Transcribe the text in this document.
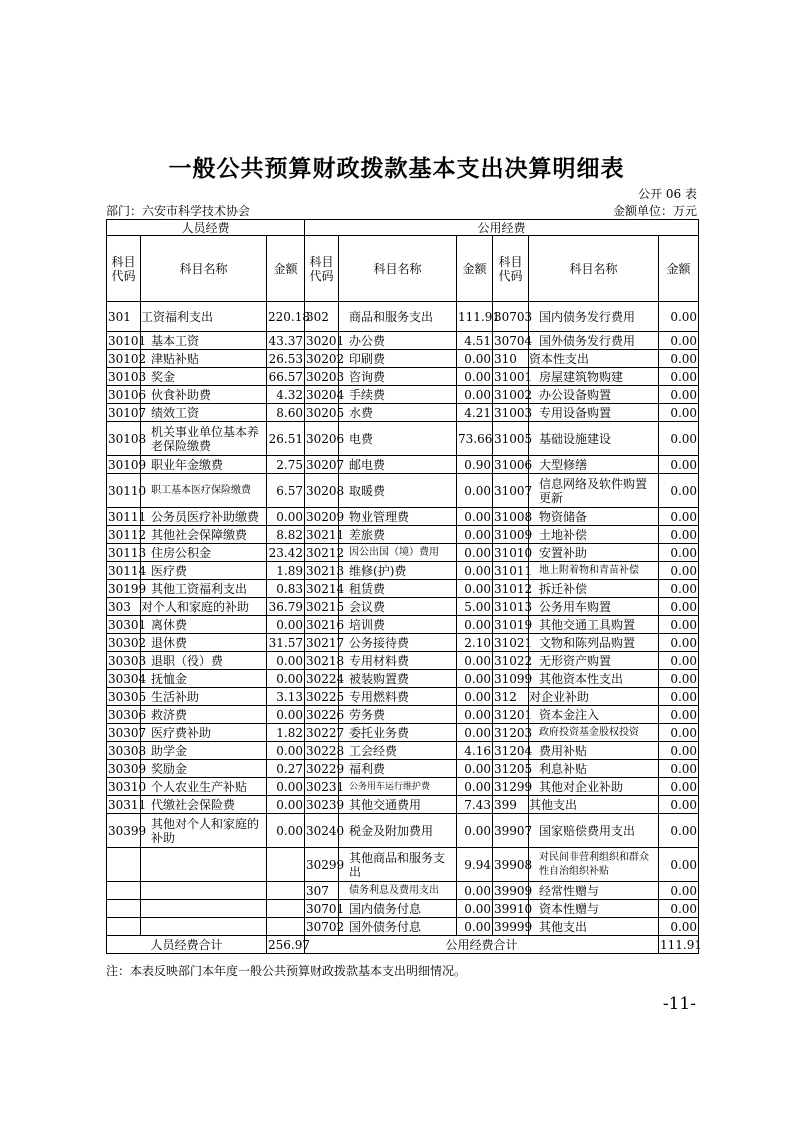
一般公共预算财政拨款基本支出决算明细表
公开 06 表
部门：六安市科学技术协会	金额单位：万元
人员经费			公用经费					
科目代码	科目名称	金额	科目代码	科目名称	金额	科目代码	科目名称	金额
301	工资福利支出	220.18	302	商品和服务支出	111.91	30703	国内债务发行费用	0.00
30101	基本工资	43.37	30201	办公费	4.51	30704	国外债务发行费用	0.00
30102	津贴补贴	26.53	30202	印刷费	0.00	310	资本性支出	0.00
30103	奖金	66.57	30203	咨询费	0.00	31001	房屋建筑物购建	0.00
30106	伙食补助费	4.32	30204	手续费	0.00	31002	办公设备购置	0.00
30107	绩效工资	8.60	30205	水费	4.21	31003	专用设备购置	0.00
30108	机关事业单位基本养老保险缴费	26.51	30206	电费	73.66	31005	基础设施建设	0.00
30109	职业年金缴费	2.75	30207	邮电费	0.90	31006	大型修缮	0.00
30110	职工基本医疗保险缴费	6.57	30208	取暖费	0.00	31007	信息网络及软件购置更新	0.00
30111	公务员医疗补助缴费	0.00	30209	物业管理费	0.00	31008	物资储备	0.00
30112	其他社会保障缴费	8.82	30211	差旅费	0.00	31009	土地补偿	0.00
30113	住房公积金	23.42	30212	因公出国（境）费用	0.00	31010	安置补助	0.00
30114	医疗费	1.89	30213	维修(护)费	0.00	31011	地上附着物和青苗补偿	0.00
30199	其他工资福利支出	0.83	30214	租赁费	0.00	31012	拆迁补偿	0.00
303	对个人和家庭的补助	36.79	30215	会议费	5.00	31013	公务用车购置	0.00
30301	离休费	0.00	30216	培训费	0.00	31019	其他交通工具购置	0.00
30302	退休费	31.57	30217	公务接待费	2.10	31021	文物和陈列品购置	0.00
30303	退职（役）费	0.00	30218	专用材料费	0.00	31022	无形资产购置	0.00
30304	抚恤金	0.00	30224	被装购置费	0.00	31099	其他资本性支出	0.00
30305	生活补助	3.13	30225	专用燃料费	0.00	312	对企业补助	0.00
30306	救济费	0.00	30226	劳务费	0.00	31201	资本金注入	0.00
30307	医疗费补助	1.82	30227	委托业务费	0.00	31203	政府投资基金股权投资	0.00
30308	助学金	0.00	30228	工会经费	4.16	31204	费用补贴	0.00
30309	奖励金	0.27	30229	福利费	0.00	31205	利息补贴	0.00
30310	个人农业生产补贴	0.00	30231	公务用车运行维护费	0.00	31299	其他对企业补助	0.00
30311	代缴社会保险费	0.00	30239	其他交通费用	7.43	399	其他支出	0.00
30399	其他对个人和家庭的补助	0.00	30240	税金及附加费用	0.00	39907	国家赔偿费用支出	0.00
			30299	其他商品和服务支出	9.94	39908	对民间非营利组织和群众性自治组织补贴	0.00
			307	债务利息及费用支出	0.00	39909	经常性赠与	0.00
			30701	国内债务付息	0.00	39910	资本性赠与	0.00
			30702	国外债务付息	0.00	39999	其他支出	0.00
人员经费合计		256.97	公用经费合计					111.91
注：本表反映部门本年度一般公共预算财政拨款基本支出明细情况。
-11-
